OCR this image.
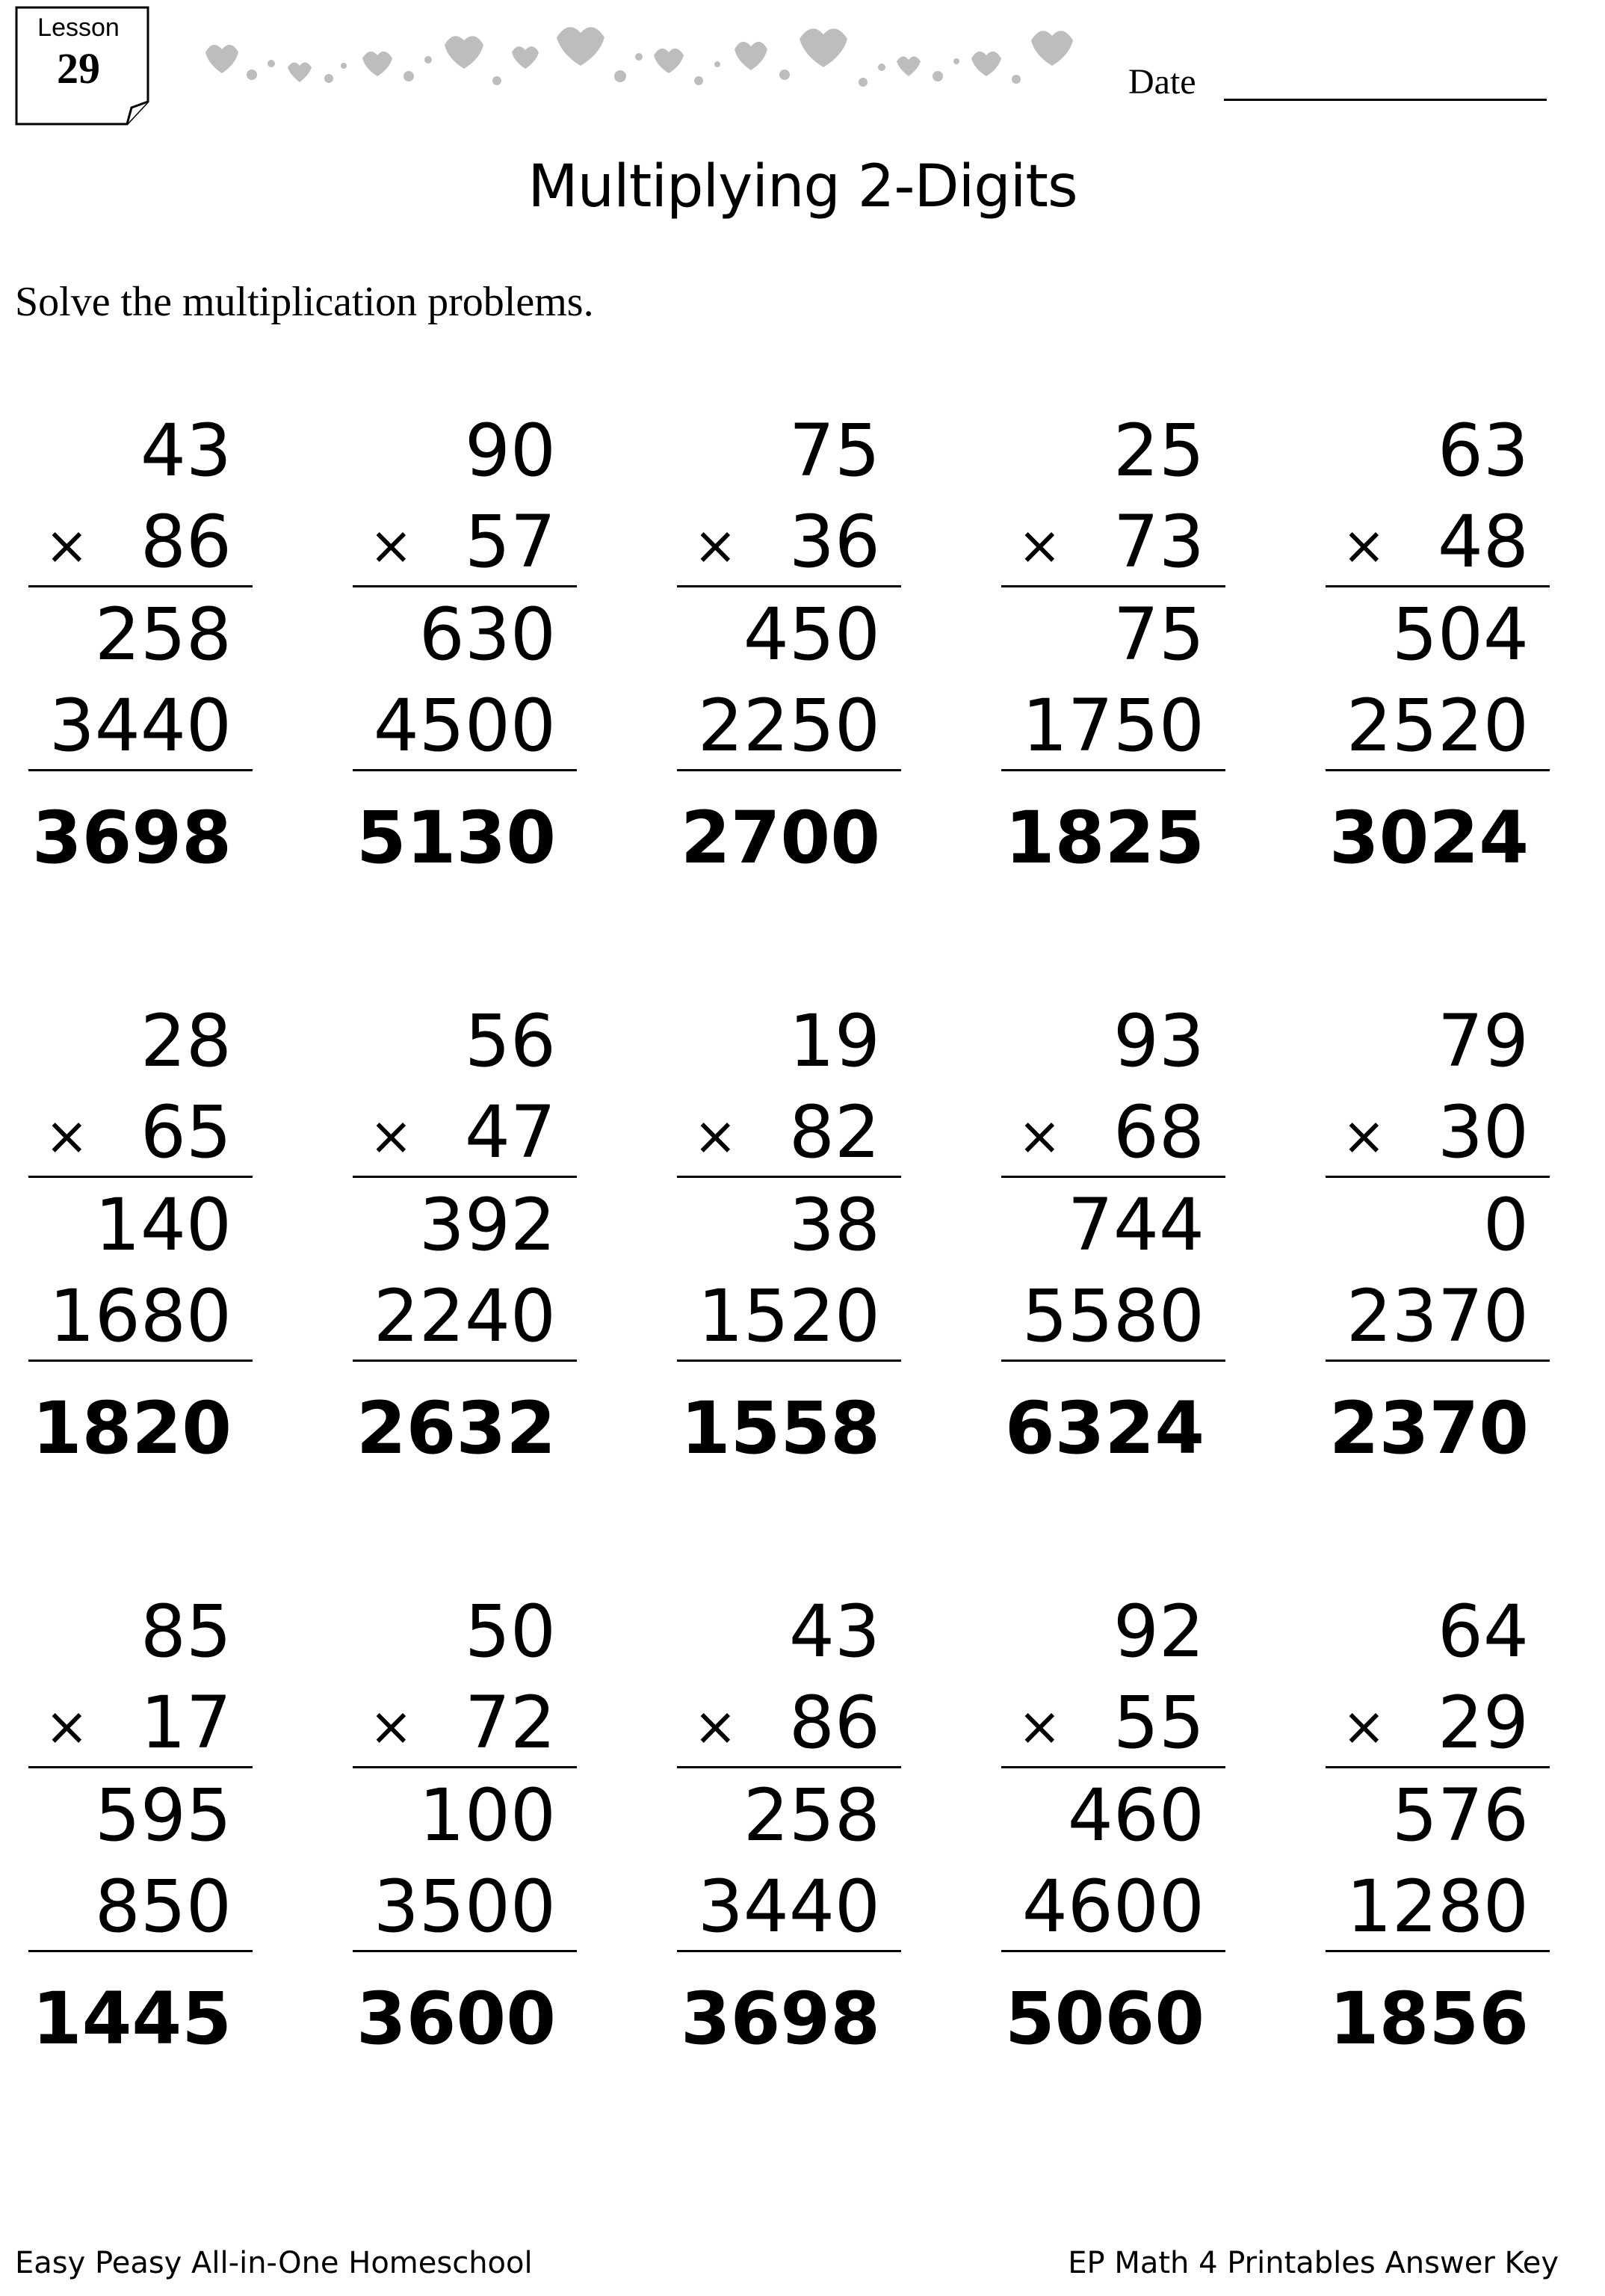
Lesson
29	Date
Multiplying 2-Digits
Solve the multiplication problems.
43
× 86
258
3440
3698
90
× 57
630
4500
5130
75
× 36
450
2250
2700
25
× 73
75
1750
1825
63
× 48
504
2520
3024
28
× 65
140
1680
1820
56
× 47
392
2240
2632
19
× 82
38
1520
1558
93
× 68
744
5580
6324
79
× 30
0
2370
2370
85
× 17
595
850
1445
50
× 72
100
3500
3600
43
× 86
258
3440
3698
92
× 55
460
4600
5060
64
× 29
576
1280
1856
Easy Peasy All-in-One Homeschool	EP Math 4 Printables Answer Key
